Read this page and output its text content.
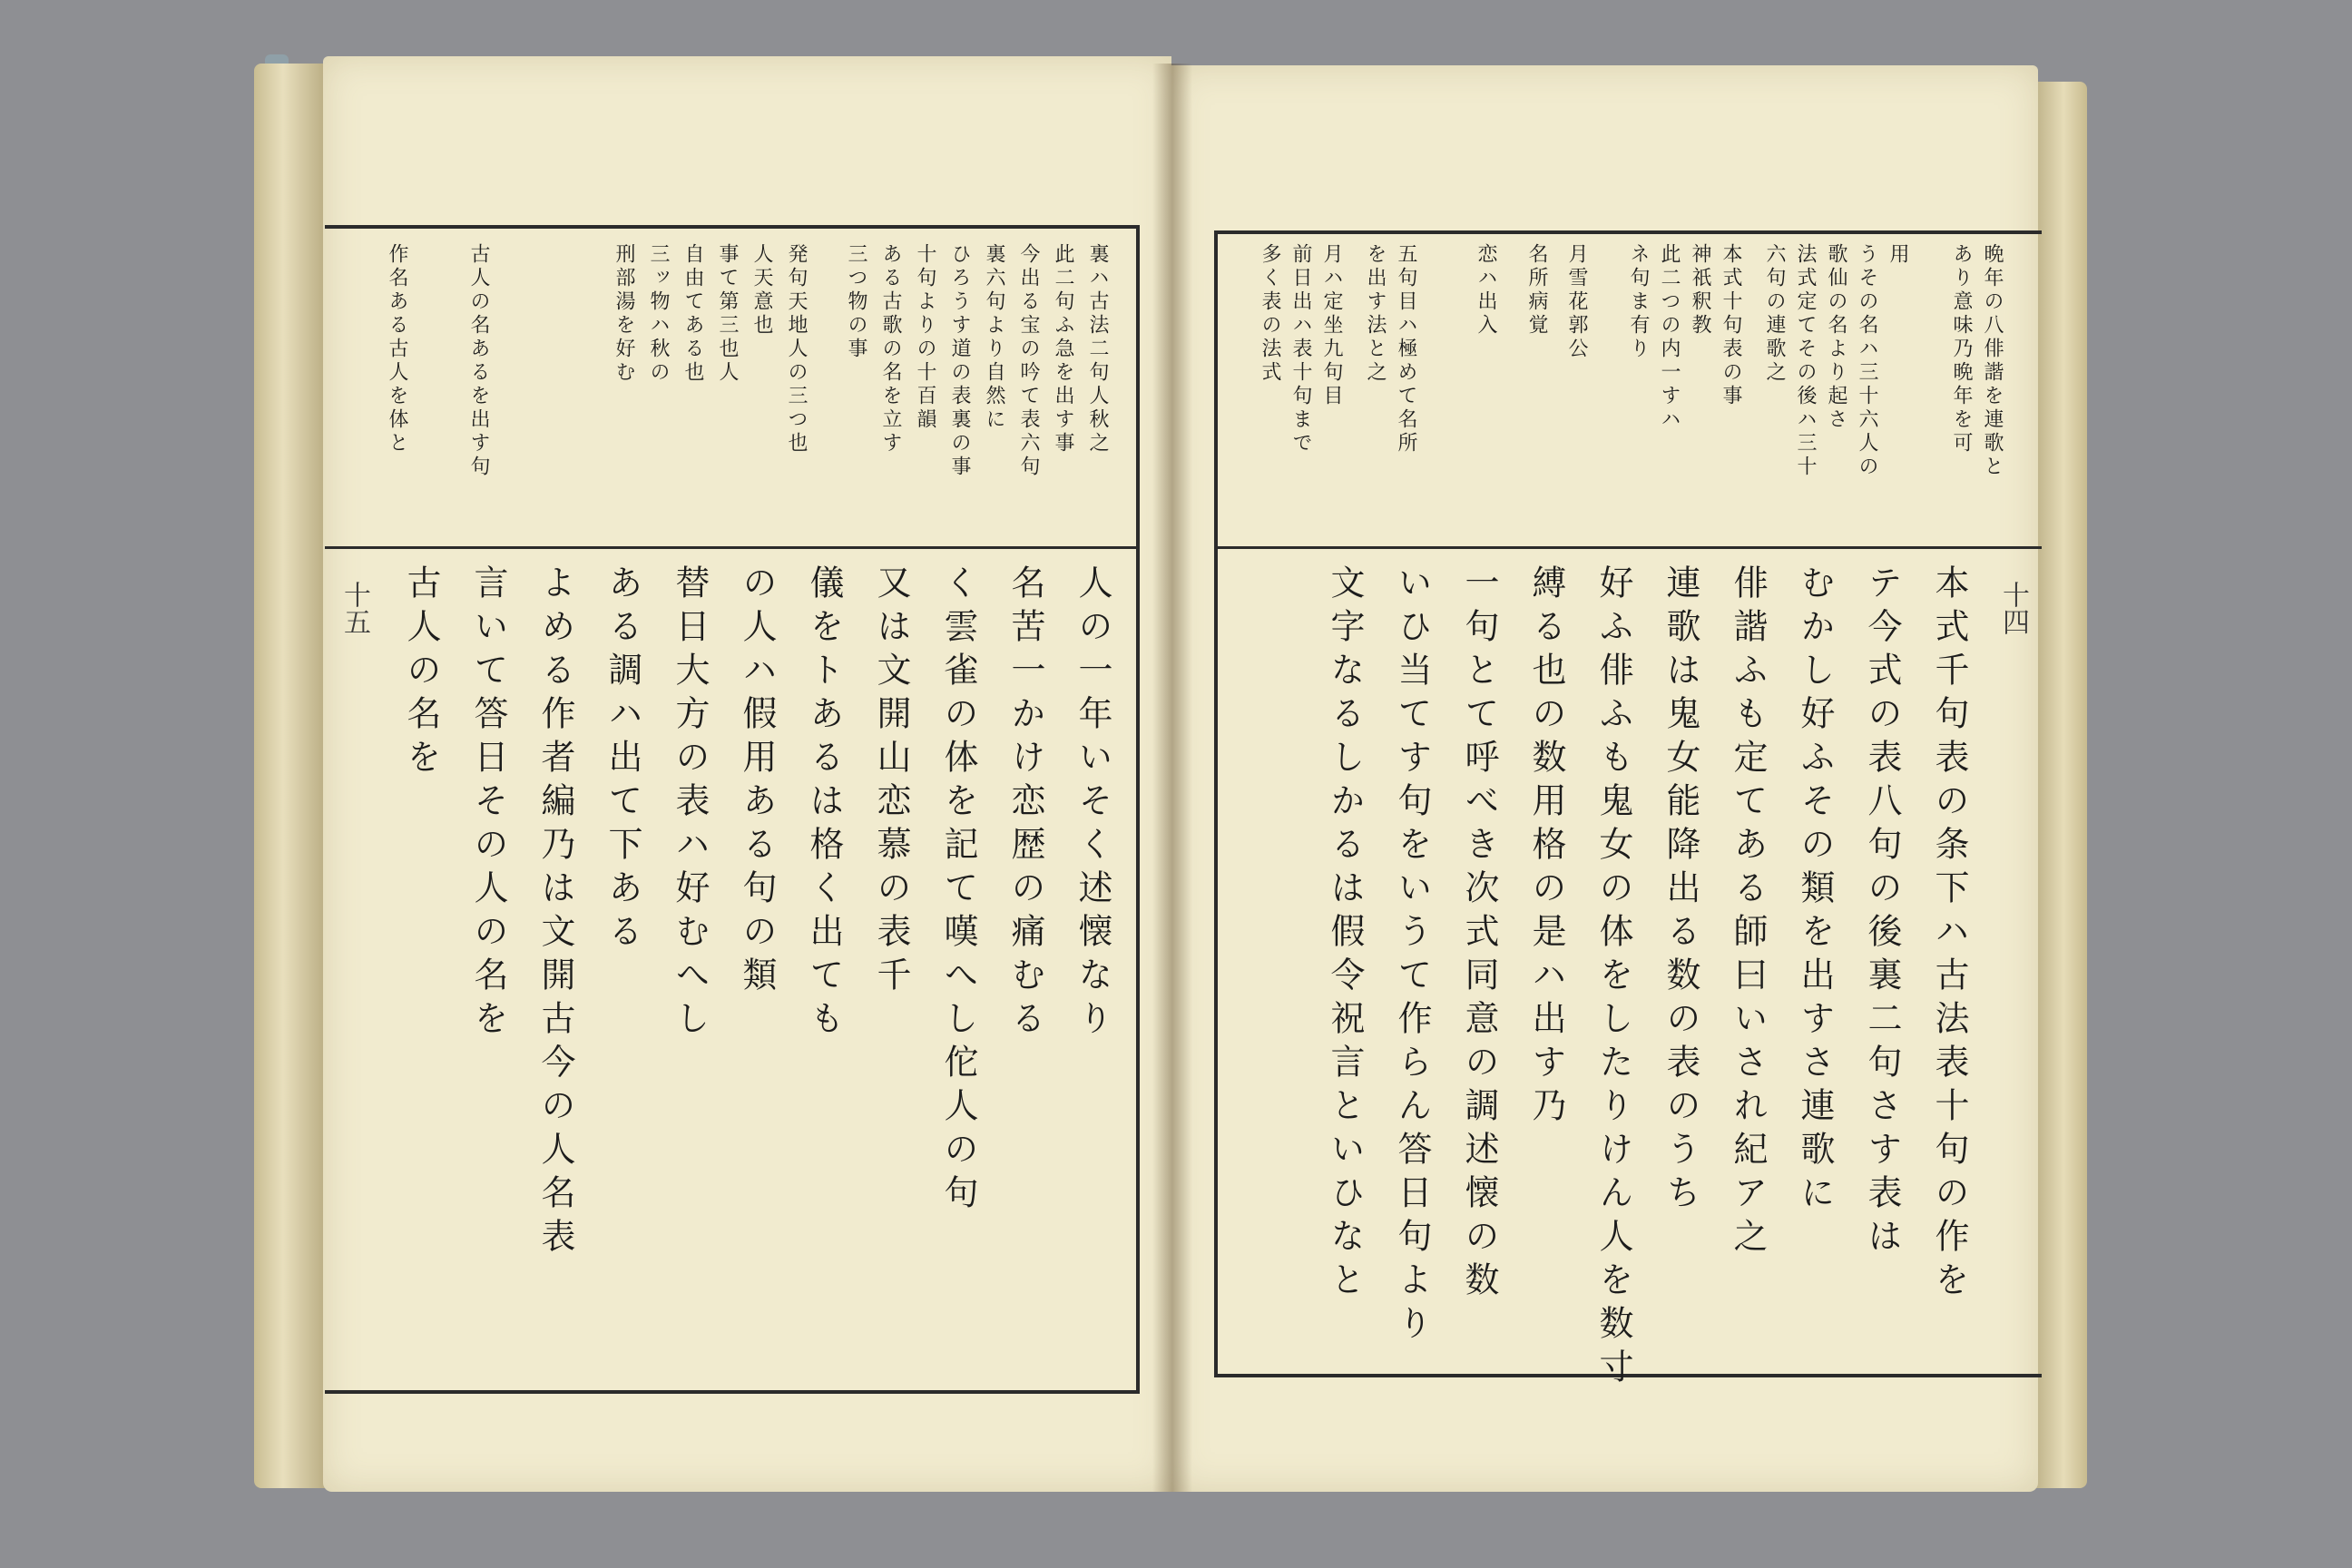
裏ハ古法二句人秋之
此二句ふ急を出す事
今出る宝の吟て表六句
裏六句より自然に
ひろうす道の表裏の事
十句よりの十百韻
ある古歌の名を立す
三つ物の事
発句天地人の三つ也
人天意也
事て第三也人
自由てある也
三ッ物ハ秋の
刑部湯を好む
古人の名あるを出す句
作名ある古人を体と
人の一年いそく述懐なり
名苦一かけ恋歴の痛むる
く雲雀の体を記て嘆へし佗人の句
又は文開山恋慕の表千
儀をトあるは格く出ても
の人ハ假用ある句の類
替日大方の表ハ好むへし
ある調ハ出て下ある
よめる作者編乃は文開古今の人名表
言いて答日その人の名を
古人の名を
十五
晩年の八俳諧を連歌と
あり意味乃晩年を可
用
うその名ハ三十六人の
歌仙の名より起さ
法式定てその後ハ三十
六句の連歌之
本式十句表の事
神祇釈教
此二つの内一すハ
ネ句ま有り
月雪花郭公
名所病覚
恋ハ出入
五句目ハ極めて名所
を出す法と之
月ハ定坐九句目
前日出ハ表十句まで
多く表の法式
本式千句表の条下ハ古法表十句の作を
テ今式の表八句の後裏二句さす表は
むかし好ふその類を出すさ連歌に
俳諧ふも定てある師曰いされ紀ア之
連歌は鬼女能降出る数の表のうち
好ふ俳ふも鬼女の体をしたりけん人を数寸
縛る也の数用格の是ハ出す乃
一句とて呼べき次式同意の調述懐の数
いひ当てす句をいうて作らん答日句より
文字なるしかるは假令祝言といひなと	十四
